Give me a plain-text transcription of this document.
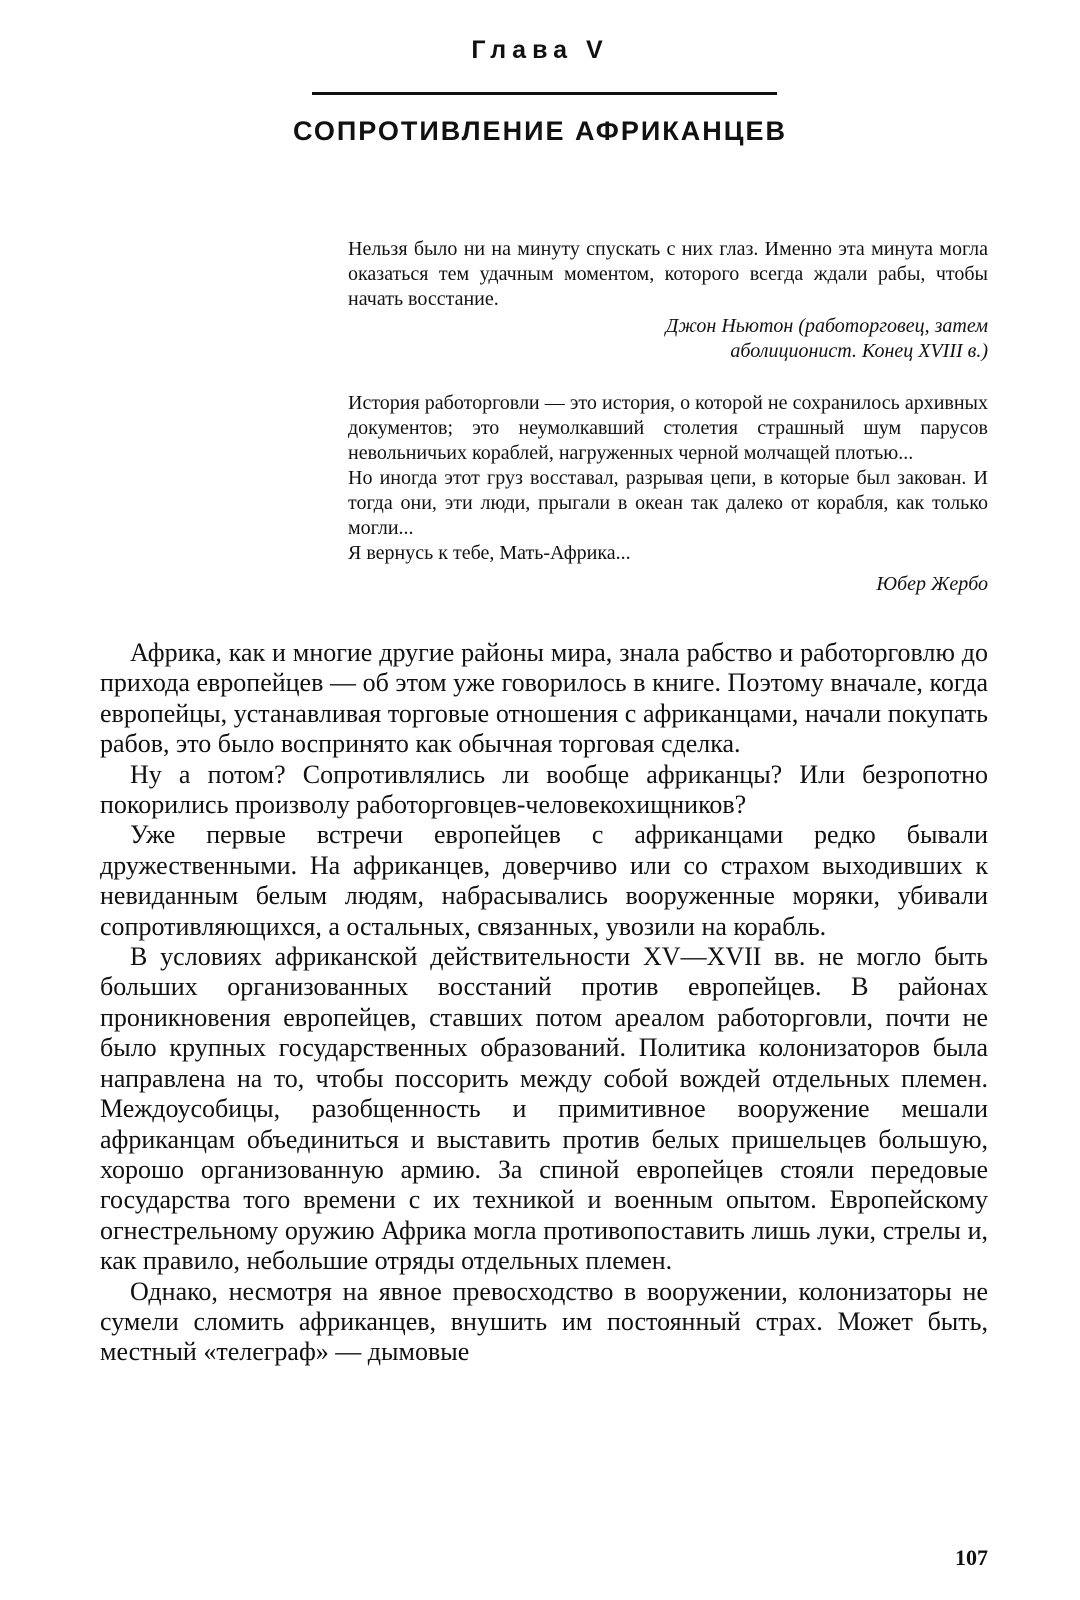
Глава V
СОПРОТИВЛЕНИЕ АФРИКАНЦЕВ

Нельзя было ни на минуту спускать с них глаз. Именно эта минута могла оказаться тем удачным моментом, которого всегда ждали рабы, чтобы начать восстание.

Джон Ньютон (работорговец, затем

аболиционист. Конец XVIII в.)

История работорговли — это история, о которой не сохранилось архивных документов; это неумолкавший столетия страшный шум парусов невольничьих кораблей, нагруженных черной молчащей плотью...

Но иногда этот груз восставал, разрывая цепи, в которые был закован. И тогда они, эти люди, прыгали в океан так далеко от корабля, как только могли...

Я вернусь к тебе, Мать-Африка...

Юбер Жербо

Африка, как и многие другие районы мира, знала рабство и работорговлю до прихода европейцев — об этом уже говорилось в книге. Поэтому вначале, когда европейцы, устанавливая торговые отношения с африканцами, начали покупать рабов, это было воспринято как обычная торговая сделка.

Ну а потом? Сопротивлялись ли вообще африканцы? Или безропотно покорились произволу работорговцев-человекохищников?

Уже первые встречи европейцев с африканцами редко бывали дружественными. На африканцев, доверчиво или со страхом выходивших к невиданным белым людям, набрасывались вооруженные моряки, убивали сопротивляющихся, а остальных, связанных, увозили на корабль.

В условиях африканской действительности XV—XVII вв. не могло быть больших организованных восстаний против европейцев. В районах проникновения европейцев, ставших потом ареалом работорговли, почти не было крупных государственных образований. Политика колонизаторов была направлена на то, чтобы поссорить между собой вождей отдельных племен. Междоусобицы, разобщенность и примитивное вооружение мешали африканцам объединиться и выставить против белых пришельцев большую, хорошо организованную армию. За спиной европейцев стояли передовые государства того времени с их техникой и военным опытом. Европейскому огнестрельному оружию Африка могла противопоставить лишь луки, стрелы и, как правило, небольшие отряды отдельных племен.

Однако, несмотря на явное превосходство в вооружении, колонизаторы не сумели сломить африканцев, внушить им постоянный страх. Может быть, местный «телеграф» — дымовые

107
